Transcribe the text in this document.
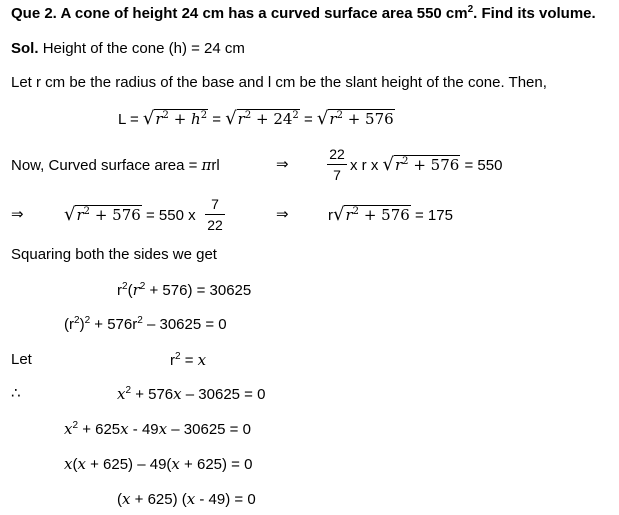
Que 2. A cone of height 24 cm has a curved surface area 550 $cm^2$. Find its volume.
Sol. Height of the cone (h) = 24 cm
Let r cm be the radius of the base and l cm be the slant height of the cone. Then,
$L = √r^2 + h^2 = √r^2 + 24^2 = √r^2 + 576$
Now, Curved surface area = πrl	⇒
22
7
x r x $√r^2 + 576 = 550$
⇒ $√r^2 + 576 = 550$ x
7
22
⇒	$r√r^2 + 576 = 175$
Squaring both the sides we get
$r^2(r^2 + 576) = 30625$
$(r^2)^2 + 576r^2 - 30625 = 0$
Let	$r^2 = x$
∴	$x^2 + 576x - 30625 = 0$
$x^2 + 625x - 49x - 30625 = 0$
x(x + 625) – 49(x + 625) = 0
(x + 625) (x - 49) = 0
